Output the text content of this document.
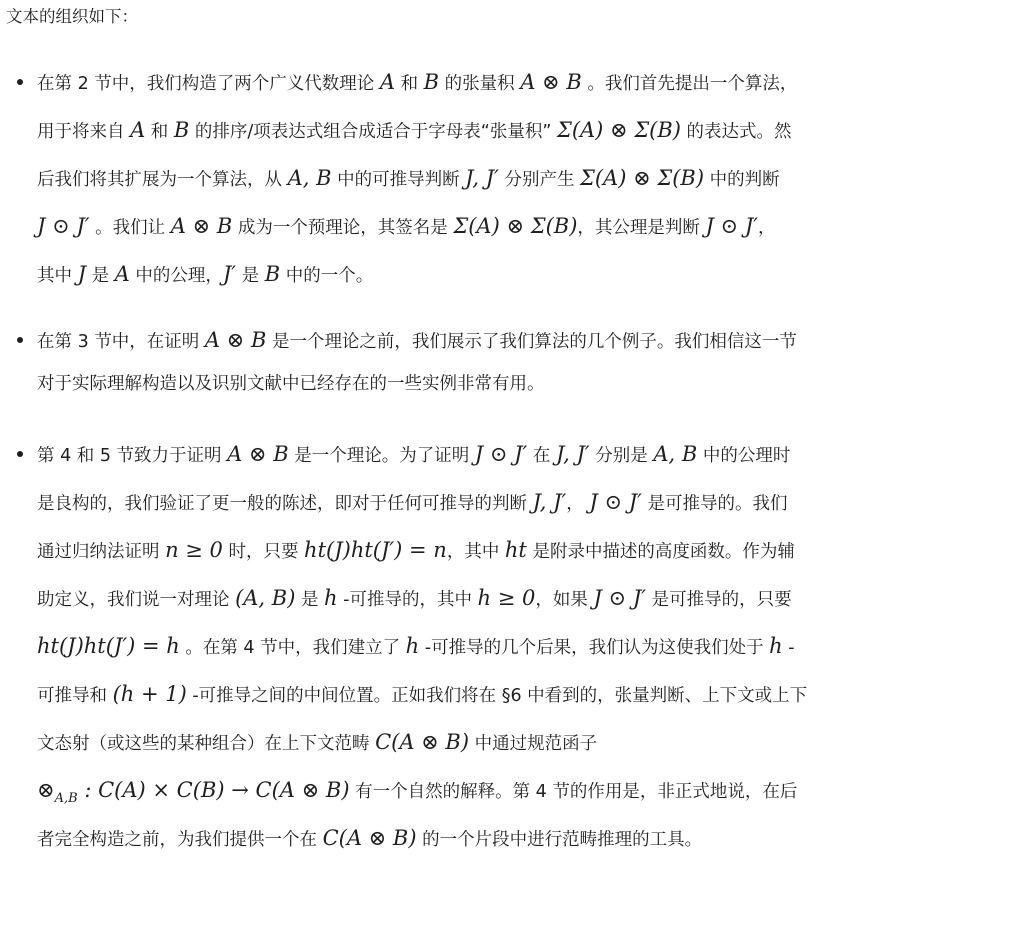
文本的组织如下：
在第 2 节中，我们构造了两个广义代数理论 A 和 B 的张量积 A ⊗ B 。我们首先提出一个算法，
用于将来自 A 和 B 的排序/项表达式组合成适合于字母表“张量积” Σ(A) ⊗ Σ(B) 的表达式。然
后我们将其扩展为一个算法，从 A, B 中的可推导判断 J, J′ 分别产生 Σ(A) ⊗ Σ(B) 中的判断
J ⊙ J′ 。我们让 A ⊗ B 成为一个预理论，其签名是 Σ(A) ⊗ Σ(B)，其公理是判断 J ⊙ J′，
其中 J 是 A 中的公理，J′ 是 B 中的一个。
在第 3 节中，在证明 A ⊗ B 是一个理论之前，我们展示了我们算法的几个例子。我们相信这一节
对于实际理解构造以及识别文献中已经存在的一些实例非常有用。
第 4 和 5 节致力于证明 A ⊗ B 是一个理论。为了证明 J ⊙ J′ 在 J, J′ 分别是 A, B 中的公理时
是良构的，我们验证了更一般的陈述，即对于任何可推导的判断 J, J′， J ⊙ J′ 是可推导的。我们
通过归纳法证明 n ≥ 0 时，只要 ht(J)ht(J′) = n，其中 ht 是附录中描述的高度函数。作为辅
助定义，我们说一对理论 (A, B) 是 h -可推导的，其中 h ≥ 0，如果 J ⊙ J′ 是可推导的，只要
ht(J)ht(J′) = h 。在第 4 节中，我们建立了 h -可推导的几个后果，我们认为这使我们处于 h -
可推导和 (h + 1) -可推导之间的中间位置。正如我们将在 §6 中看到的，张量判断、上下文或上下
文态射（或这些的某种组合）在上下文范畴 C(A ⊗ B) 中通过规范函子
$\otimes_{A,B}$ : C(A) × C(B) → C(A ⊗ B) 有一个自然的解释。第 4 节的作用是，非正式地说，在后
者完全构造之前，为我们提供一个在 C(A ⊗ B) 的一个片段中进行范畴推理的工具。
